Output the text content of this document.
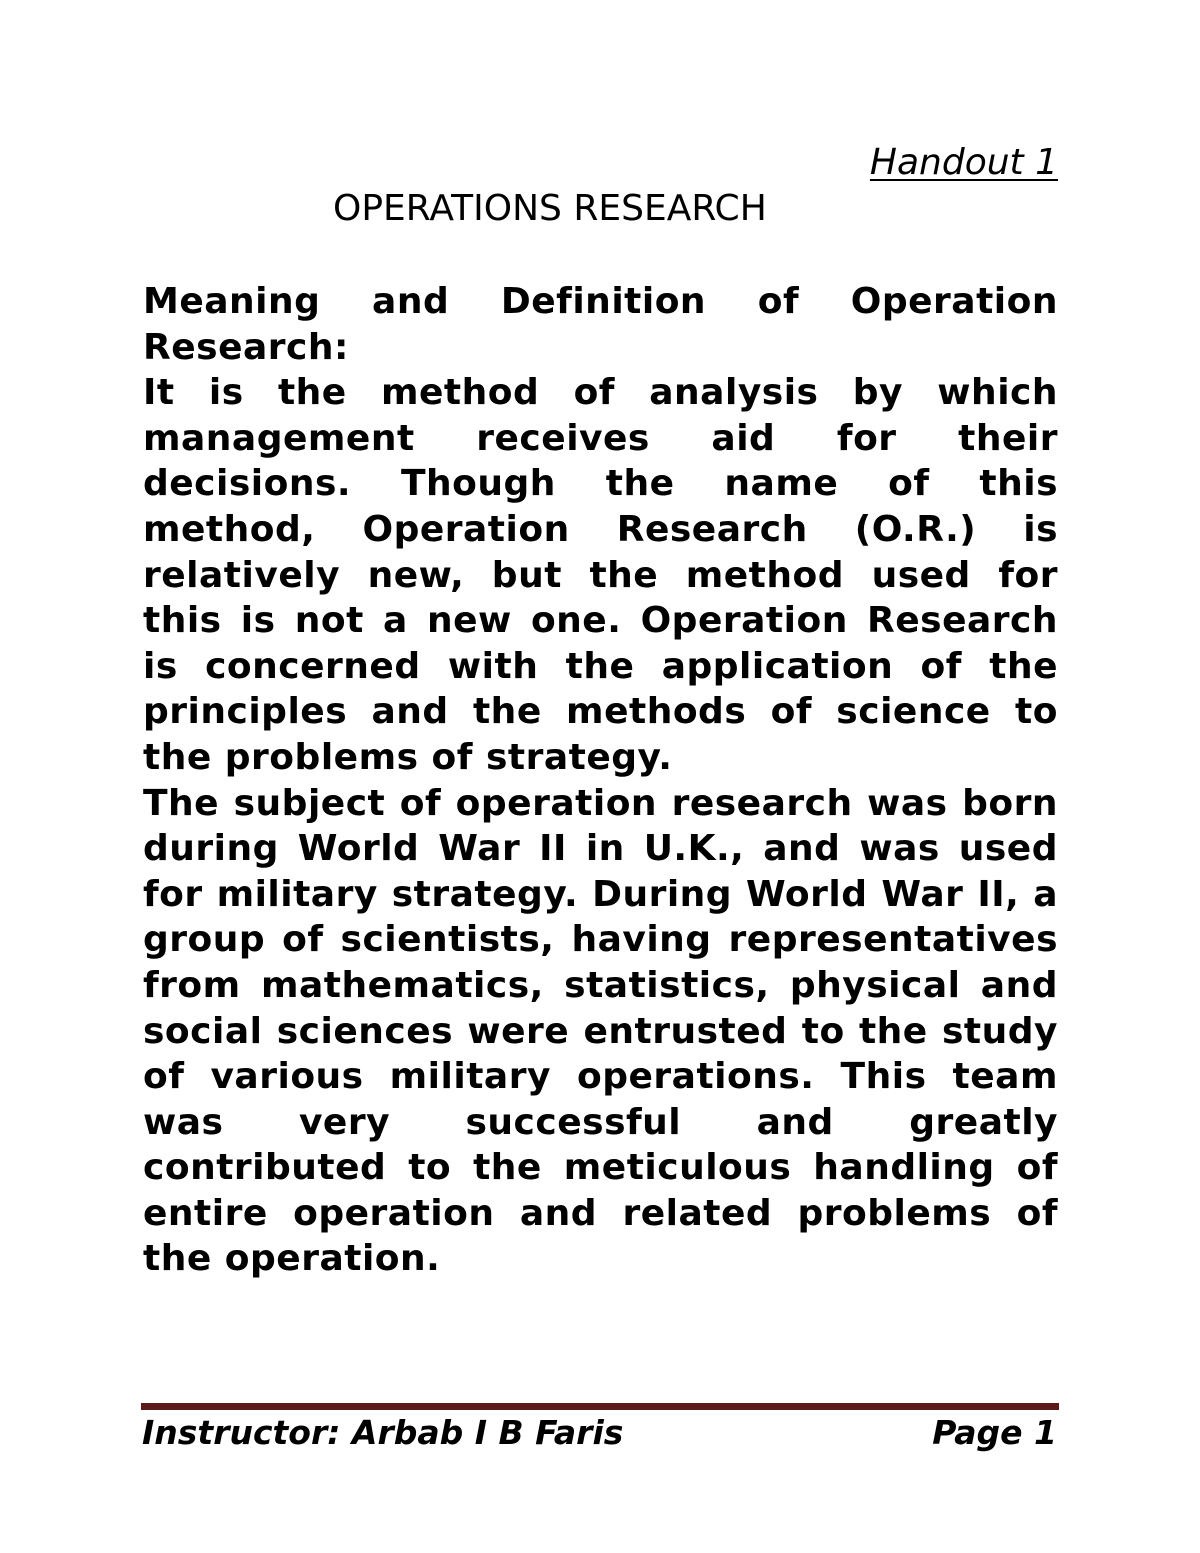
Handout 1
OPERATIONS RESEARCH

Meaning and Definition of Operation Research:

It is the method of analysis by which management receives aid for their decisions. Though the name of this method, Operation Research (O.R.) is relatively new, but the method used for this is not a new one. Operation Research is concerned with the application of the principles and the methods of science to the problems of strategy.

The subject of operation research was born during World War II in U.K., and was used for military strategy. During World War II, a group of scientists, having representatives from mathematics, statistics, physical and social sciences were entrusted to the study of various military operations. This team was very successful and greatly contributed to the meticulous handling of entire operation and related problems of the operation.

Instructor: Arbab I B Faris	Page 1
